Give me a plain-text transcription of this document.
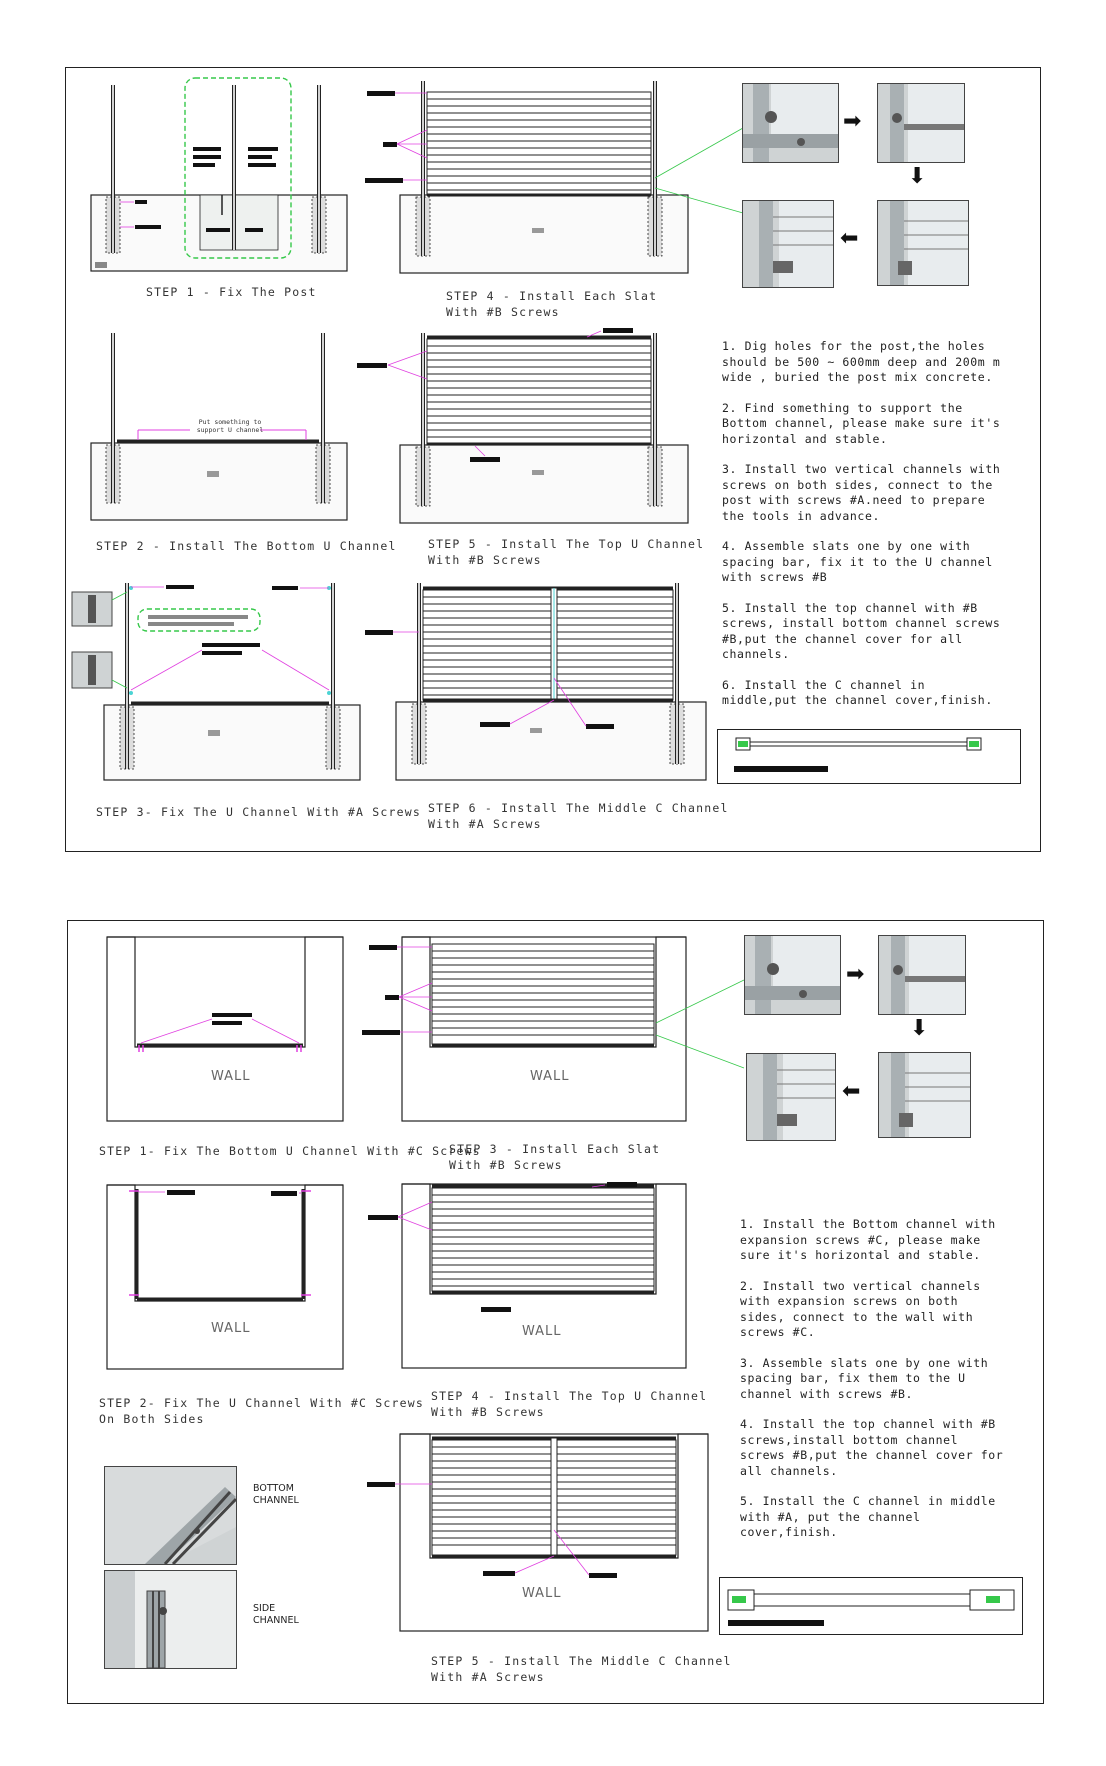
STEP 1 - Fix The Post
Put something to
support U channel
STEP 2 - Install The Bottom U Channel
STEP 3- Fix The U Channel With #A Screws
STEP 4 - Install Each Slat
With #B Screws
STEP 5 - Install The Top U Channel
With #B Screws
STEP 6 - Install The Middle C Channel
With #A Screws
➡
⬇
⬅

1. Dig holes for the post,the holes should be 500 ~ 600mm deep and 200m m wide , buried the post mix concrete.

2. Find something to support the Bottom channel, please make sure it's horizontal and stable.

3. Install two vertical channels with screws on both sides, connect to the post with screws #A.need to prepare the tools in advance.

4. Assemble slats one by one with spacing bar, fix it to the U channel with screws #B

5. Install the top channel with #B screws, install bottom channel screws #B,put the channel cover for all channels.

6. Install the C channel in middle,put the channel cover,finish.

WALL
STEP 1- Fix The Bottom U Channel With #C Screws
WALL
STEP 2- Fix The U Channel With #C Screws
On Both Sides
BOTTOM
CHANNEL
SIDE
CHANNEL
WALL
STEP 3 - Install Each Slat
With #B Screws
WALL
STEP 4 - Install The Top U Channel
With #B Screws
WALL
STEP 5 - Install The Middle C Channel
With #A Screws
➡
⬇
⬅

1. Install the Bottom channel with expansion screws #C, please make sure it's horizontal and stable.

2. Install two vertical channels with expansion screws on both sides, connect to the wall with screws #C.

3. Assemble slats one by one with spacing bar, fix them to the U channel with screws #B.

4. Install the top channel with #B screws,install bottom channel screws #B,put the channel cover for all channels.

5. Install the C channel in middle with #A, put the channel cover,finish.
